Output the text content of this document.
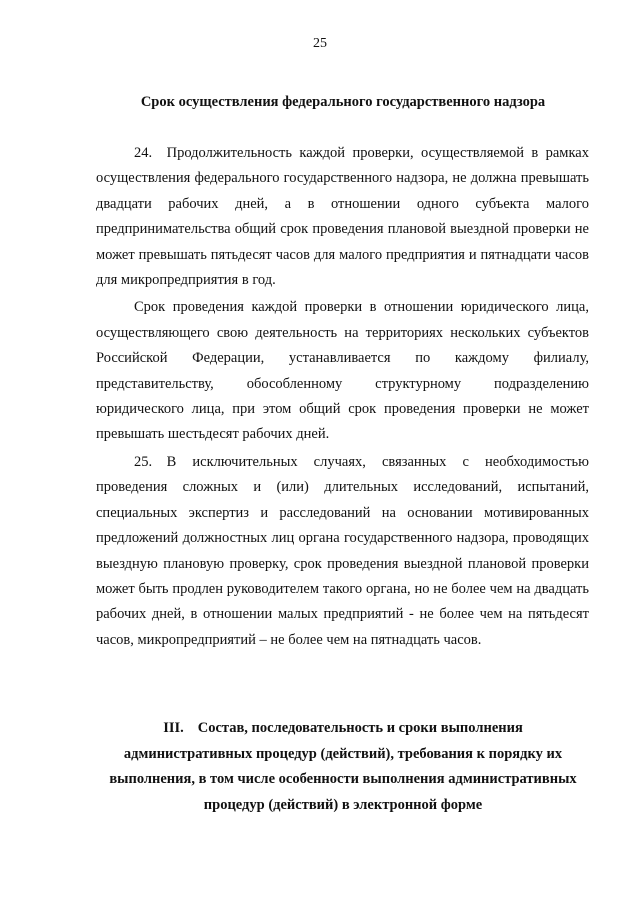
25
Срок осуществления федерального государственного надзора

24. Продолжительность каждой проверки, осуществляемой в рамках осуществления федерального государственного надзора, не должна превышать двадцати рабочих дней, а в отношении одного субъекта малого предпринимательства общий срок проведения плановой выездной проверки не может превышать пятьдесят часов для малого предприятия и пятнадцати часов для микропредприятия в год.

Срок проведения каждой проверки в отношении юридического лица, осуществляющего свою деятельность на территориях нескольких субъектов Российской Федерации, устанавливается по каждому филиалу, представительству, обособленному структурному подразделению юридического лица, при этом общий срок проведения проверки не может превышать шестьдесят рабочих дней.

25. В исключительных случаях, связанных с необходимостью проведения сложных и (или) длительных исследований, испытаний, специальных экспертиз и расследований на основании мотивированных предложений должностных лиц органа государственного надзора, проводящих выездную плановую проверку, срок проведения выездной плановой проверки может быть продлен руководителем такого органа, но не более чем на двадцать рабочих дней, в отношении малых предприятий - не более чем на пятьдесят часов, микропредприятий – не более чем на пятнадцать часов.

III. Состав, последовательность и сроки выполнения
административных процедур (действий), требования к порядку их
выполнения, в том числе особенности выполнения административных
процедур (действий) в электронной форме
